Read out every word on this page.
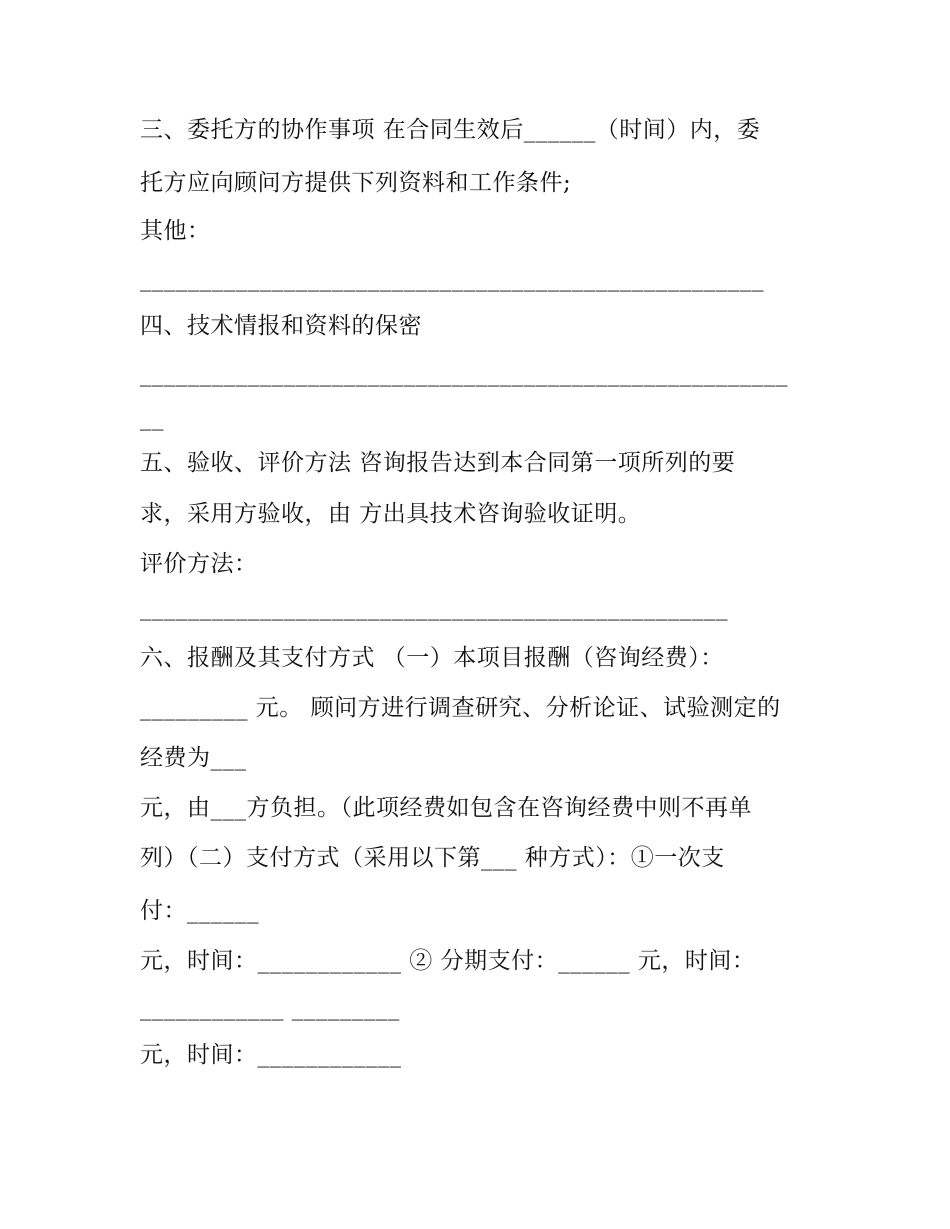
三、委托方的协作事项 在合同生效后______（时间）内，委
托方应向顾问方提供下列资料和工作条件;
其他：
____________________________________________________
四、技术情报和资料的保密
______________________________________________________
__
五、验收、评价方法 咨询报告达到本合同第一项所列的要
求，采用方验收，由 方出具技术咨询验收证明。
评价方法：
_________________________________________________
六、报酬及其支付方式 （一）本项目报酬（咨询经费）：
_________ 元。 顾问方进行调查研究、分析论证、试验测定的
经费为___
元，由___方负担。（此项经费如包含在咨询经费中则不再单
列）（二）支付方式（采用以下第___ 种方式）：①一次支
付：______
元，时间：____________ ② 分期支付：______ 元，时间：
____________ _________
元，时间：____________
